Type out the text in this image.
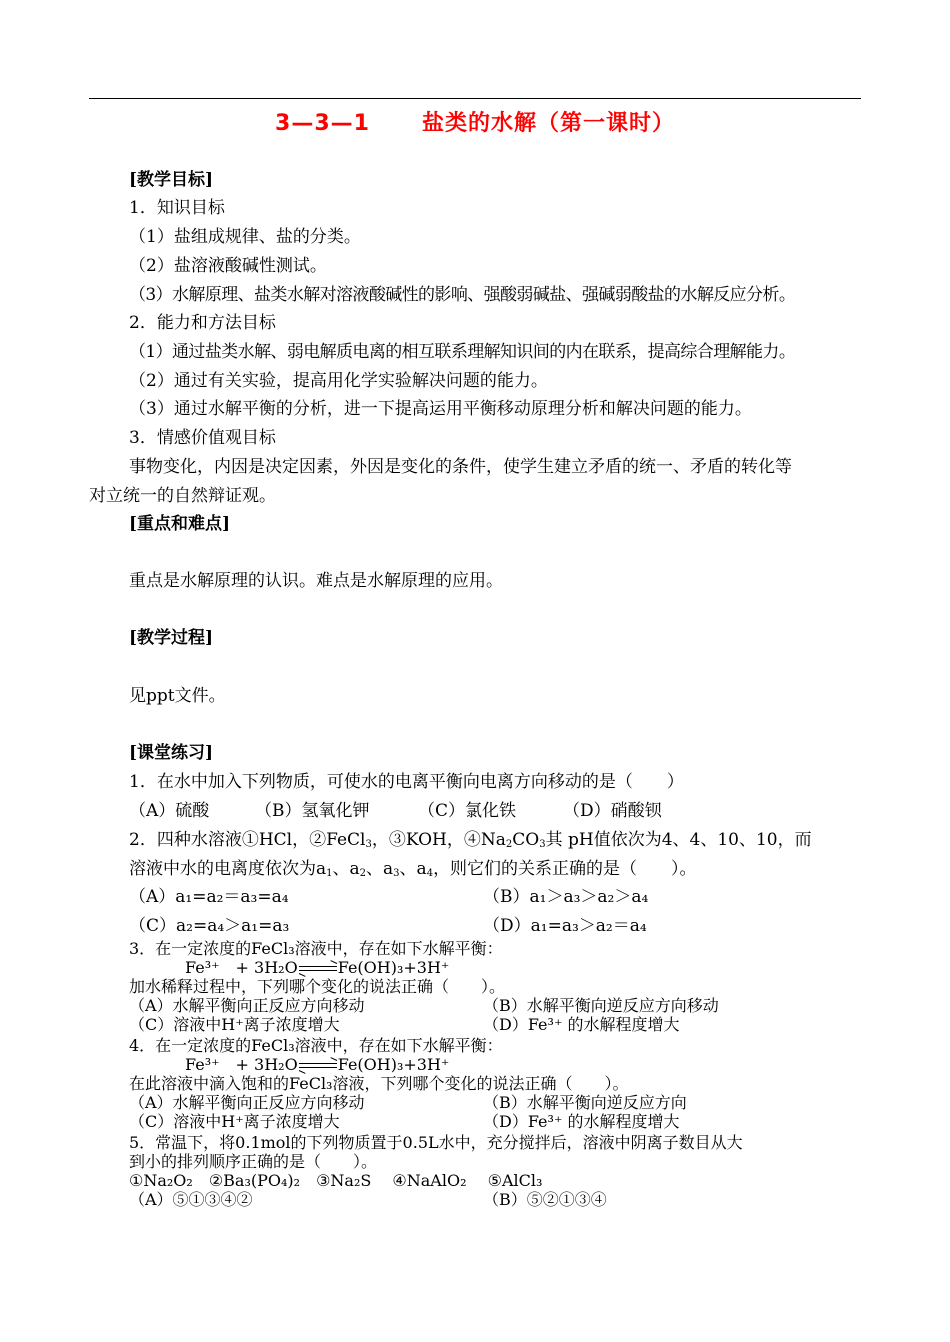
3—3—1 盐类的水解（第一课时）
[教学目标]
1．知识目标
（1）盐组成规律、盐的分类。
（2）盐溶液酸碱性测试。
（3）水解原理、盐类水解对溶液酸碱性的影响、强酸弱碱盐、强碱弱酸盐的水解反应分析。
2．能力和方法目标
（1）通过盐类水解、弱电解质电离的相互联系理解知识间的内在联系，提高综合理解能力。
（2）通过有关实验，提高用化学实验解决问题的能力。
（3）通过水解平衡的分析，进一下提高运用平衡移动原理分析和解决问题的能力。
3．情感价值观目标
事物变化，内因是决定因素，外因是变化的条件，使学生建立矛盾的统一、矛盾的转化等
对立统一的自然辩证观。
[重点和难点]
重点是水解原理的认识。难点是水解原理的应用。
[教学过程]
见ppt文件。
[课堂练习]
1．在水中加入下列物质，可使水的电离平衡向电离方向移动的是（　　）
（A）硫酸	（B）氢氧化钾	（C）氯化铁	（D）硝酸钡
2．四种水溶液①HCl，②FeCl$_3$，③KOH，$④Na_2CO_3$其 pH值依次为4、4、10、10，而
溶液中水的电离度依次为$a_1$、$a_2$、$a_3$、$a_4$，则它们的关系正确的是（　　）。
（A）a₁=a₂＝a₃=a₄	（B）a₁＞a₃＞a₂＞a₄
（C）a₂=a₄＞a₁=a₃	（D）a₁=a₃＞a₂＝a₄
3．在一定浓度的FeCl₃溶液中，存在如下水解平衡：
Fe³⁺　+ 3H₂O	Fe(OH)₃+3H⁺
加水稀释过程中，下列哪个变化的说法正确（　　）。
（A）水解平衡向正反应方向移动	（B）水解平衡向逆反应方向移动
（C）溶液中H⁺离子浓度增大	（D）Fe³⁺ 的水解程度增大
4．在一定浓度的FeCl₃溶液中，存在如下水解平衡：
Fe³⁺　+ 3H₂O	Fe(OH)₃+3H⁺
在此溶液中滴入饱和的FeCl₃溶液，下列哪个变化的说法正确（　　）。
（A）水解平衡向正反应方向移动	（B）水解平衡向逆反应方向
（C）溶液中H⁺离子浓度增大	（D）Fe³⁺ 的水解程度增大
5．常温下，将0.1mol的下列物质置于0.5L水中，充分搅拌后，溶液中阴离子数目从大
到小的排列顺序正确的是（　　）。
①Na₂O₂　②Ba₃(PO₄)₂　③Na₂S　 ④NaAlO₂　 ⑤AlCl₃
（A）⑤①③④②	（B）⑤②①③④
